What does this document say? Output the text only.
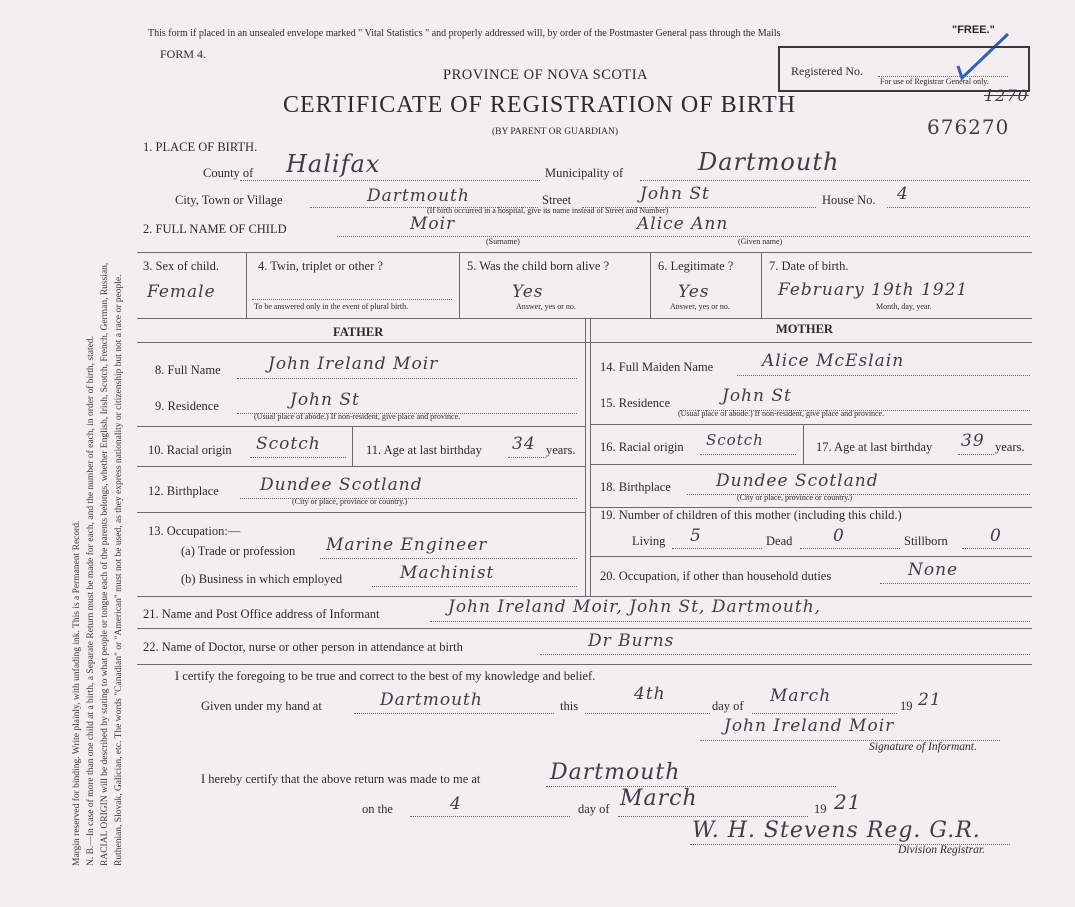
Margin reserved for binding. Write plainly, with unfading ink. This is a Permanent Record. N. B.—In case of more than one child at a birth, a Separate Return must be made for each, and the number of each, in order of birth, stated. RACIAL ORIGIN will be described by stating to what people or tongue each of the parents belongs, whether English, Irish, Scotch, French, German, Russian, Ruthenian, Slovak, Galician, etc. The words "Canadian" or "American" must not be used, as they express nationality or citizenship but not a race or people.
This form if placed in an unsealed envelope marked " Vital Statistics " and properly addressed will, by order of the Postmaster General pass through the Mails	"FREE."
FORM 4.
PROVINCE OF NOVA SCOTIA
CERTIFICATE OF REGISTRATION OF BIRTH
(BY PARENT OR GUARDIAN)
Registered No.
For use of Registrar General only.
1270
676270
1. PLACE OF BIRTH.
County of Halifax	Municipality of	Dartmouth
City, Town or Village	Dartmouth	Street	John St	House No. 4
(If birth occurred in a hospital, give its name instead of Street and Number)
2. FULL NAME OF CHILD	Moir
(Surname)
Alice Ann
(Given name)
3. Sex of child.
Female
4. Twin, triplet or other ?
To be answered only in the event of plural birth.
5. Was the child born alive ?
Yes
Answer, yes or no.
6. Legitimate ?
Yes
Answer, yes or no.
7. Date of birth.
February 19th 1921
Month, day, year.
FATHER	MOTHER
8. Full Name	John Ireland Moir
9. Residence	John St
(Usual place of abode.) If non-resident, give place and province.
10. Racial origin Scotch	11. Age at last birthday 34 years.
12. Birthplace Dundee Scotland
(City or place, province or country.)
13. Occupation:—
(a) Trade or profession Marine Engineer
(b) Business in which employed	Machinist
14. Full Maiden Name	Alice McEslain
15. Residence	John St
(Usual place of abode.) If non-resident, give place and province.
16. Racial origin Scotch	17. Age at last birthday 39 years.
18. Birthplace	Dundee Scotland
(City or place, province or country.)
19. Number of children of this mother (including this child.)
Living 5	Dead 0	Stillborn 0
20. Occupation, if other than household duties	None
21. Name and Post Office address of Informant	John Ireland Moir, John St, Dartmouth,
22. Name of Doctor, nurse or other person in attendance at birth	Dr Burns
I certify the foregoing to be true and correct to the best of my knowledge and belief.
Given under my hand at	Dartmouth	this
4th
day of March	19 21
John Ireland Moir
Signature of Informant.
I hereby certify that the above return was made to me at	Dartmouth
on the	4	day of March	19 21
W. H. Stevens Reg. G.R.
Division Registrar.
